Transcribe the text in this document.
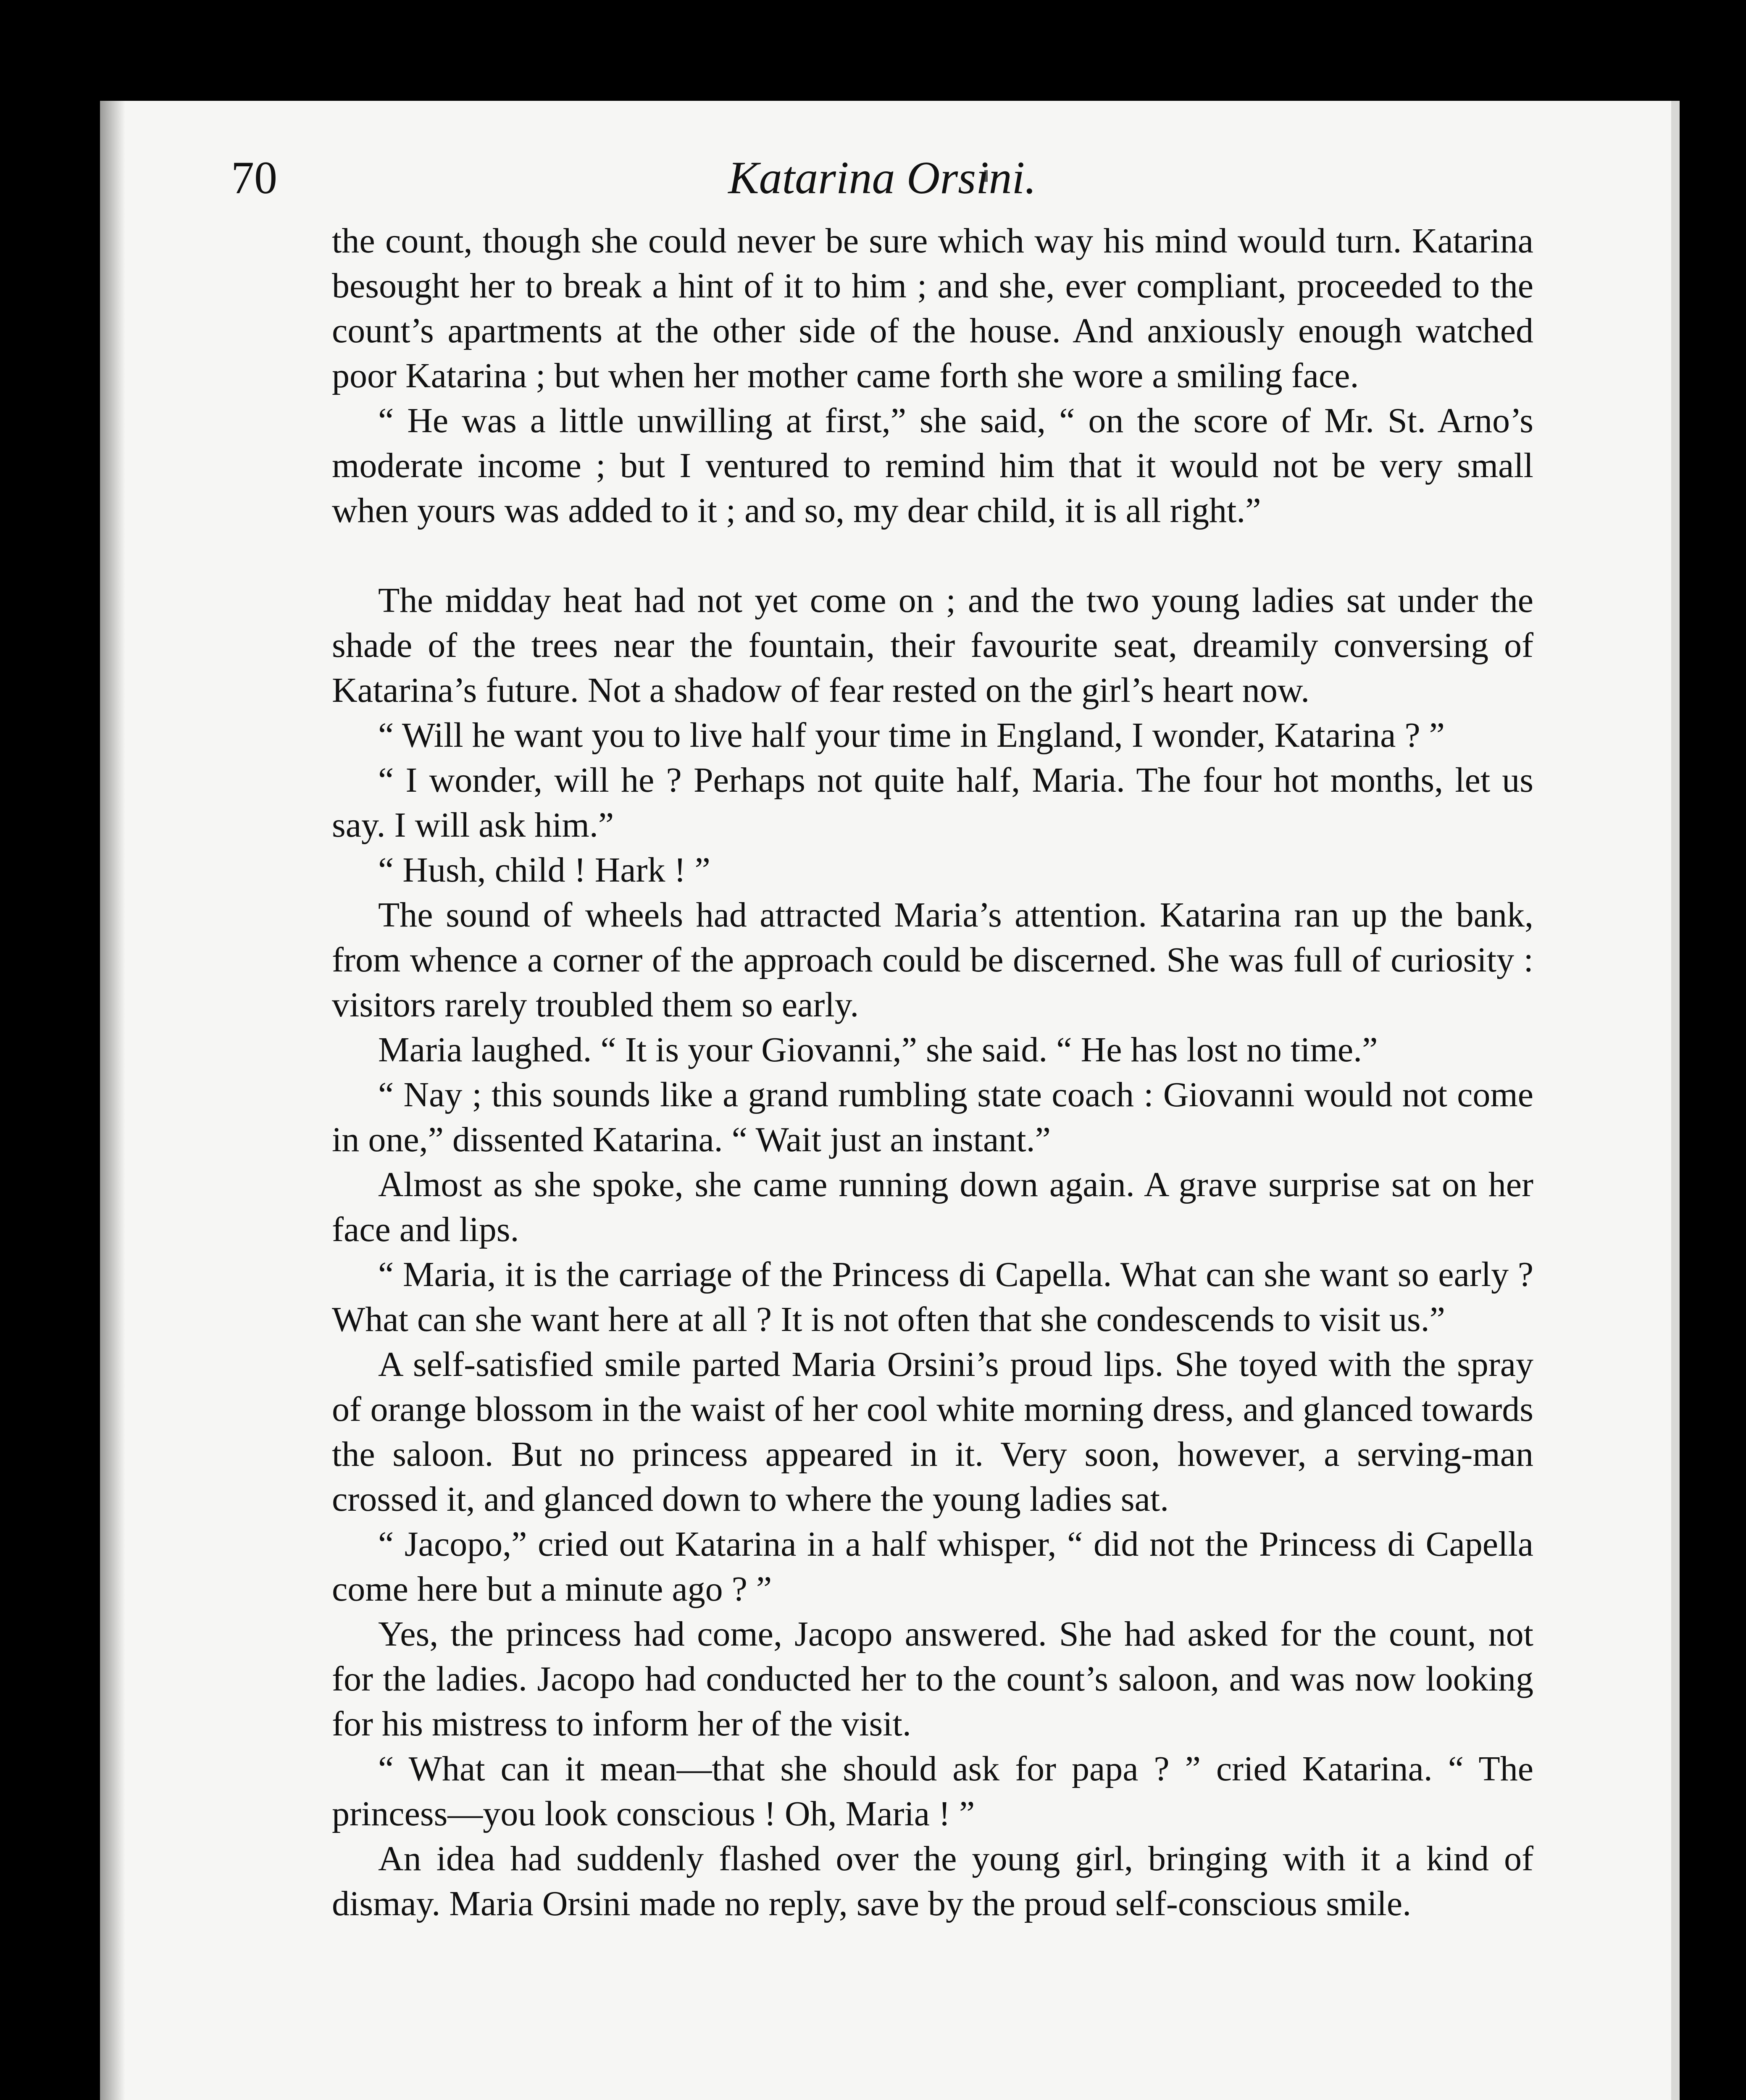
70	Katarina Orsini.

the count, though she could never be sure which way his mind would turn. Katarina besought her to break a hint of it to him ; and she, ever compliant, proceeded to the count’s apartments at the other side of the house. And anxiously enough watched poor Katarina ; but when her mother came forth she wore a smiling face.

“ He was a little unwilling at first,” she said, “ on the score of Mr. St. Arno’s moderate income ; but I ventured to remind him that it would not be very small when yours was added to it ; and so, my dear child, it is all right.”

The midday heat had not yet come on ; and the two young ladies sat under the shade of the trees near the fountain, their favourite seat, dreamily conversing of Katarina’s future. Not a shadow of fear rested on the girl’s heart now.

“ Will he want you to live half your time in England, I wonder, Katarina ? ”

“ I wonder, will he ? Perhaps not quite half, Maria. The four hot months, let us say. I will ask him.”

“ Hush, child ! Hark ! ”

The sound of wheels had attracted Maria’s attention. Katarina ran up the bank, from whence a corner of the approach could be discerned. She was full of curiosity : visitors rarely troubled them so early.

Maria laughed. “ It is your Giovanni,” she said. “ He has lost no time.”

“ Nay ; this sounds like a grand rumbling state coach : Giovanni would not come in one,” dissented Katarina. “ Wait just an instant.”

Almost as she spoke, she came running down again. A grave surprise sat on her face and lips.

“ Maria, it is the carriage of the Princess di Capella. What can she want so early ? What can she want here at all ? It is not often that she condescends to visit us.”

A self-satisfied smile parted Maria Orsini’s proud lips. She toyed with the spray of orange blossom in the waist of her cool white morning dress, and glanced towards the saloon. But no princess appeared in it. Very soon, however, a serving-man crossed it, and glanced down to where the young ladies sat.

“ Jacopo,” cried out Katarina in a half whisper, “ did not the Princess di Capella come here but a minute ago ? ”

Yes, the princess had come, Jacopo answered. She had asked for the count, not for the ladies. Jacopo had conducted her to the count’s saloon, and was now looking for his mistress to inform her of the visit.

“ What can it mean—that she should ask for papa ? ” cried Katarina. “ The princess—you look conscious ! Oh, Maria ! ”

An idea had suddenly flashed over the young girl, bringing with it a kind of dismay. Maria Orsini made no reply, save by the proud self-conscious smile.
